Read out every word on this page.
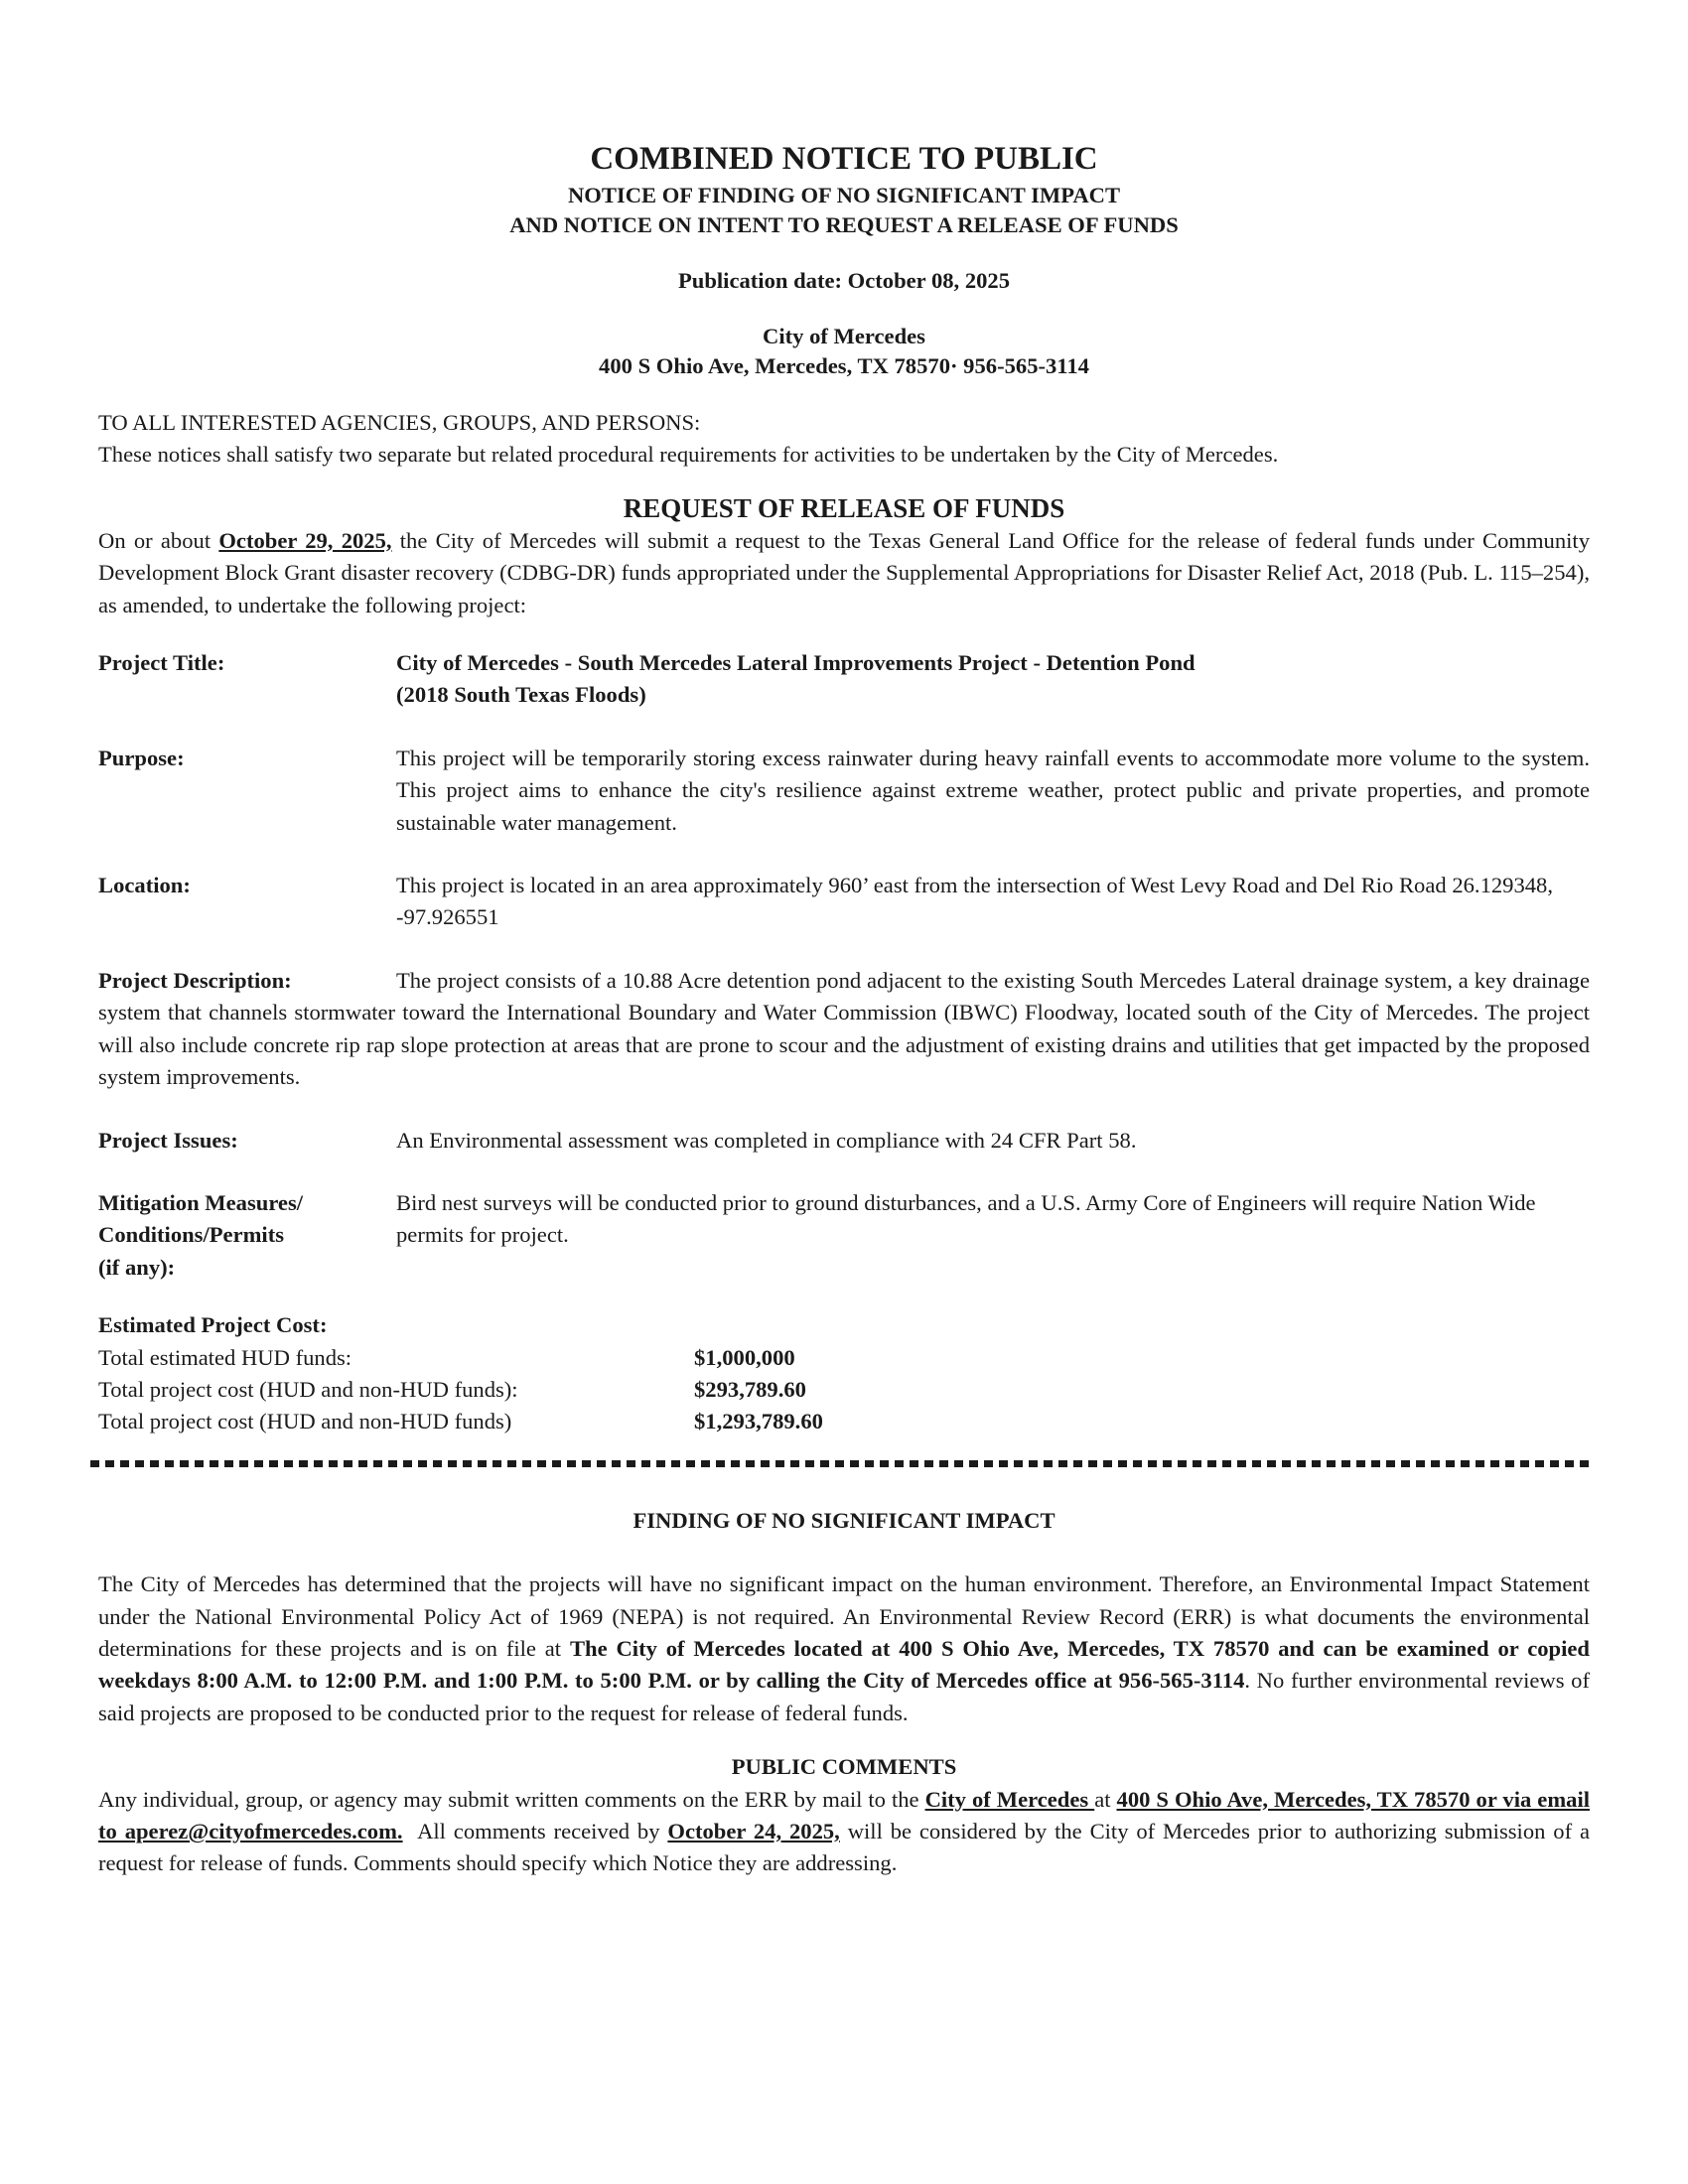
COMBINED NOTICE TO PUBLIC

NOTICE OF FINDING OF NO SIGNIFICANT IMPACT

AND NOTICE ON INTENT TO REQUEST A RELEASE OF FUNDS

Publication date: October 08, 2025

City of Mercedes

400 S Ohio Ave, Mercedes, TX 78570· 956-565-3114

TO ALL INTERESTED AGENCIES, GROUPS, AND PERSONS:

These notices shall satisfy two separate but related procedural requirements for activities to be undertaken by the City of Mercedes.

REQUEST OF RELEASE OF FUNDS

On or about October 29, 2025, the City of Mercedes will submit a request to the Texas General Land Office for the release of federal funds under Community Development Block Grant disaster recovery (CDBG-DR) funds appropriated under the Supplemental Appropriations for Disaster Relief Act, 2018 (Pub. L. 115–254), as amended, to undertake the following project:

Project Title:	City of Mercedes - South Mercedes Lateral Improvements Project - Detention Pond
(2018 South Texas Floods)
Purpose:	This project will be temporarily storing excess rainwater during heavy rainfall events to accommodate more volume to the system. This project aims to enhance the city's resilience against extreme weather, protect public and private properties, and promote sustainable water management.
Location:	This project is located in an area approximately 960’ east from the intersection of West Levy Road and Del Rio Road 26.129348, -97.926551

Project Description:	The project consists of a 10.88 Acre detention pond adjacent to the existing South Mercedes Lateral drainage system, a key drainage system that channels stormwater toward the International Boundary and Water Commission (IBWC) Floodway, located south of the City of Mercedes. The project will also include concrete rip rap slope protection at areas that are prone to scour and the adjustment of existing drains and utilities that get impacted by the proposed system improvements.

Project Issues:	An Environmental assessment was completed in compliance with 24 CFR Part 58.
Mitigation Measures/
Conditions/Permits
(if any):
Bird nest surveys will be conducted prior to ground disturbances, and a U.S. Army Core of Engineers will require Nation Wide permits for project.

Estimated Project Cost:

Total estimated HUD funds:	$1,000,000
Total project cost (HUD and non-HUD funds):	$293,789.60
Total project cost (HUD and non-HUD funds)	$1,293,789.60

FINDING OF NO SIGNIFICANT IMPACT

The City of Mercedes has determined that the projects will have no significant impact on the human environment. Therefore, an Environmental Impact Statement under the National Environmental Policy Act of 1969 (NEPA) is not required. An Environmental Review Record (ERR) is what documents the environmental determinations for these projects and is on file at The City of Mercedes located at 400 S Ohio Ave, Mercedes, TX 78570 and can be examined or copied weekdays 8:00 A.M. to 12:00 P.M. and 1:00 P.M. to 5:00 P.M. or by calling the City of Mercedes office at 956-565-3114. No further environmental reviews of said projects are proposed to be conducted prior to the request for release of federal funds.

PUBLIC COMMENTS

Any individual, group, or agency may submit written comments on the ERR by mail to the City of Mercedes at 400 S Ohio Ave, Mercedes, TX 78570 or via email to aperez@cityofmercedes.com.  All comments received by October 24, 2025, will be considered by the City of Mercedes prior to authorizing submission of a request for release of funds. Comments should specify which Notice they are addressing.
